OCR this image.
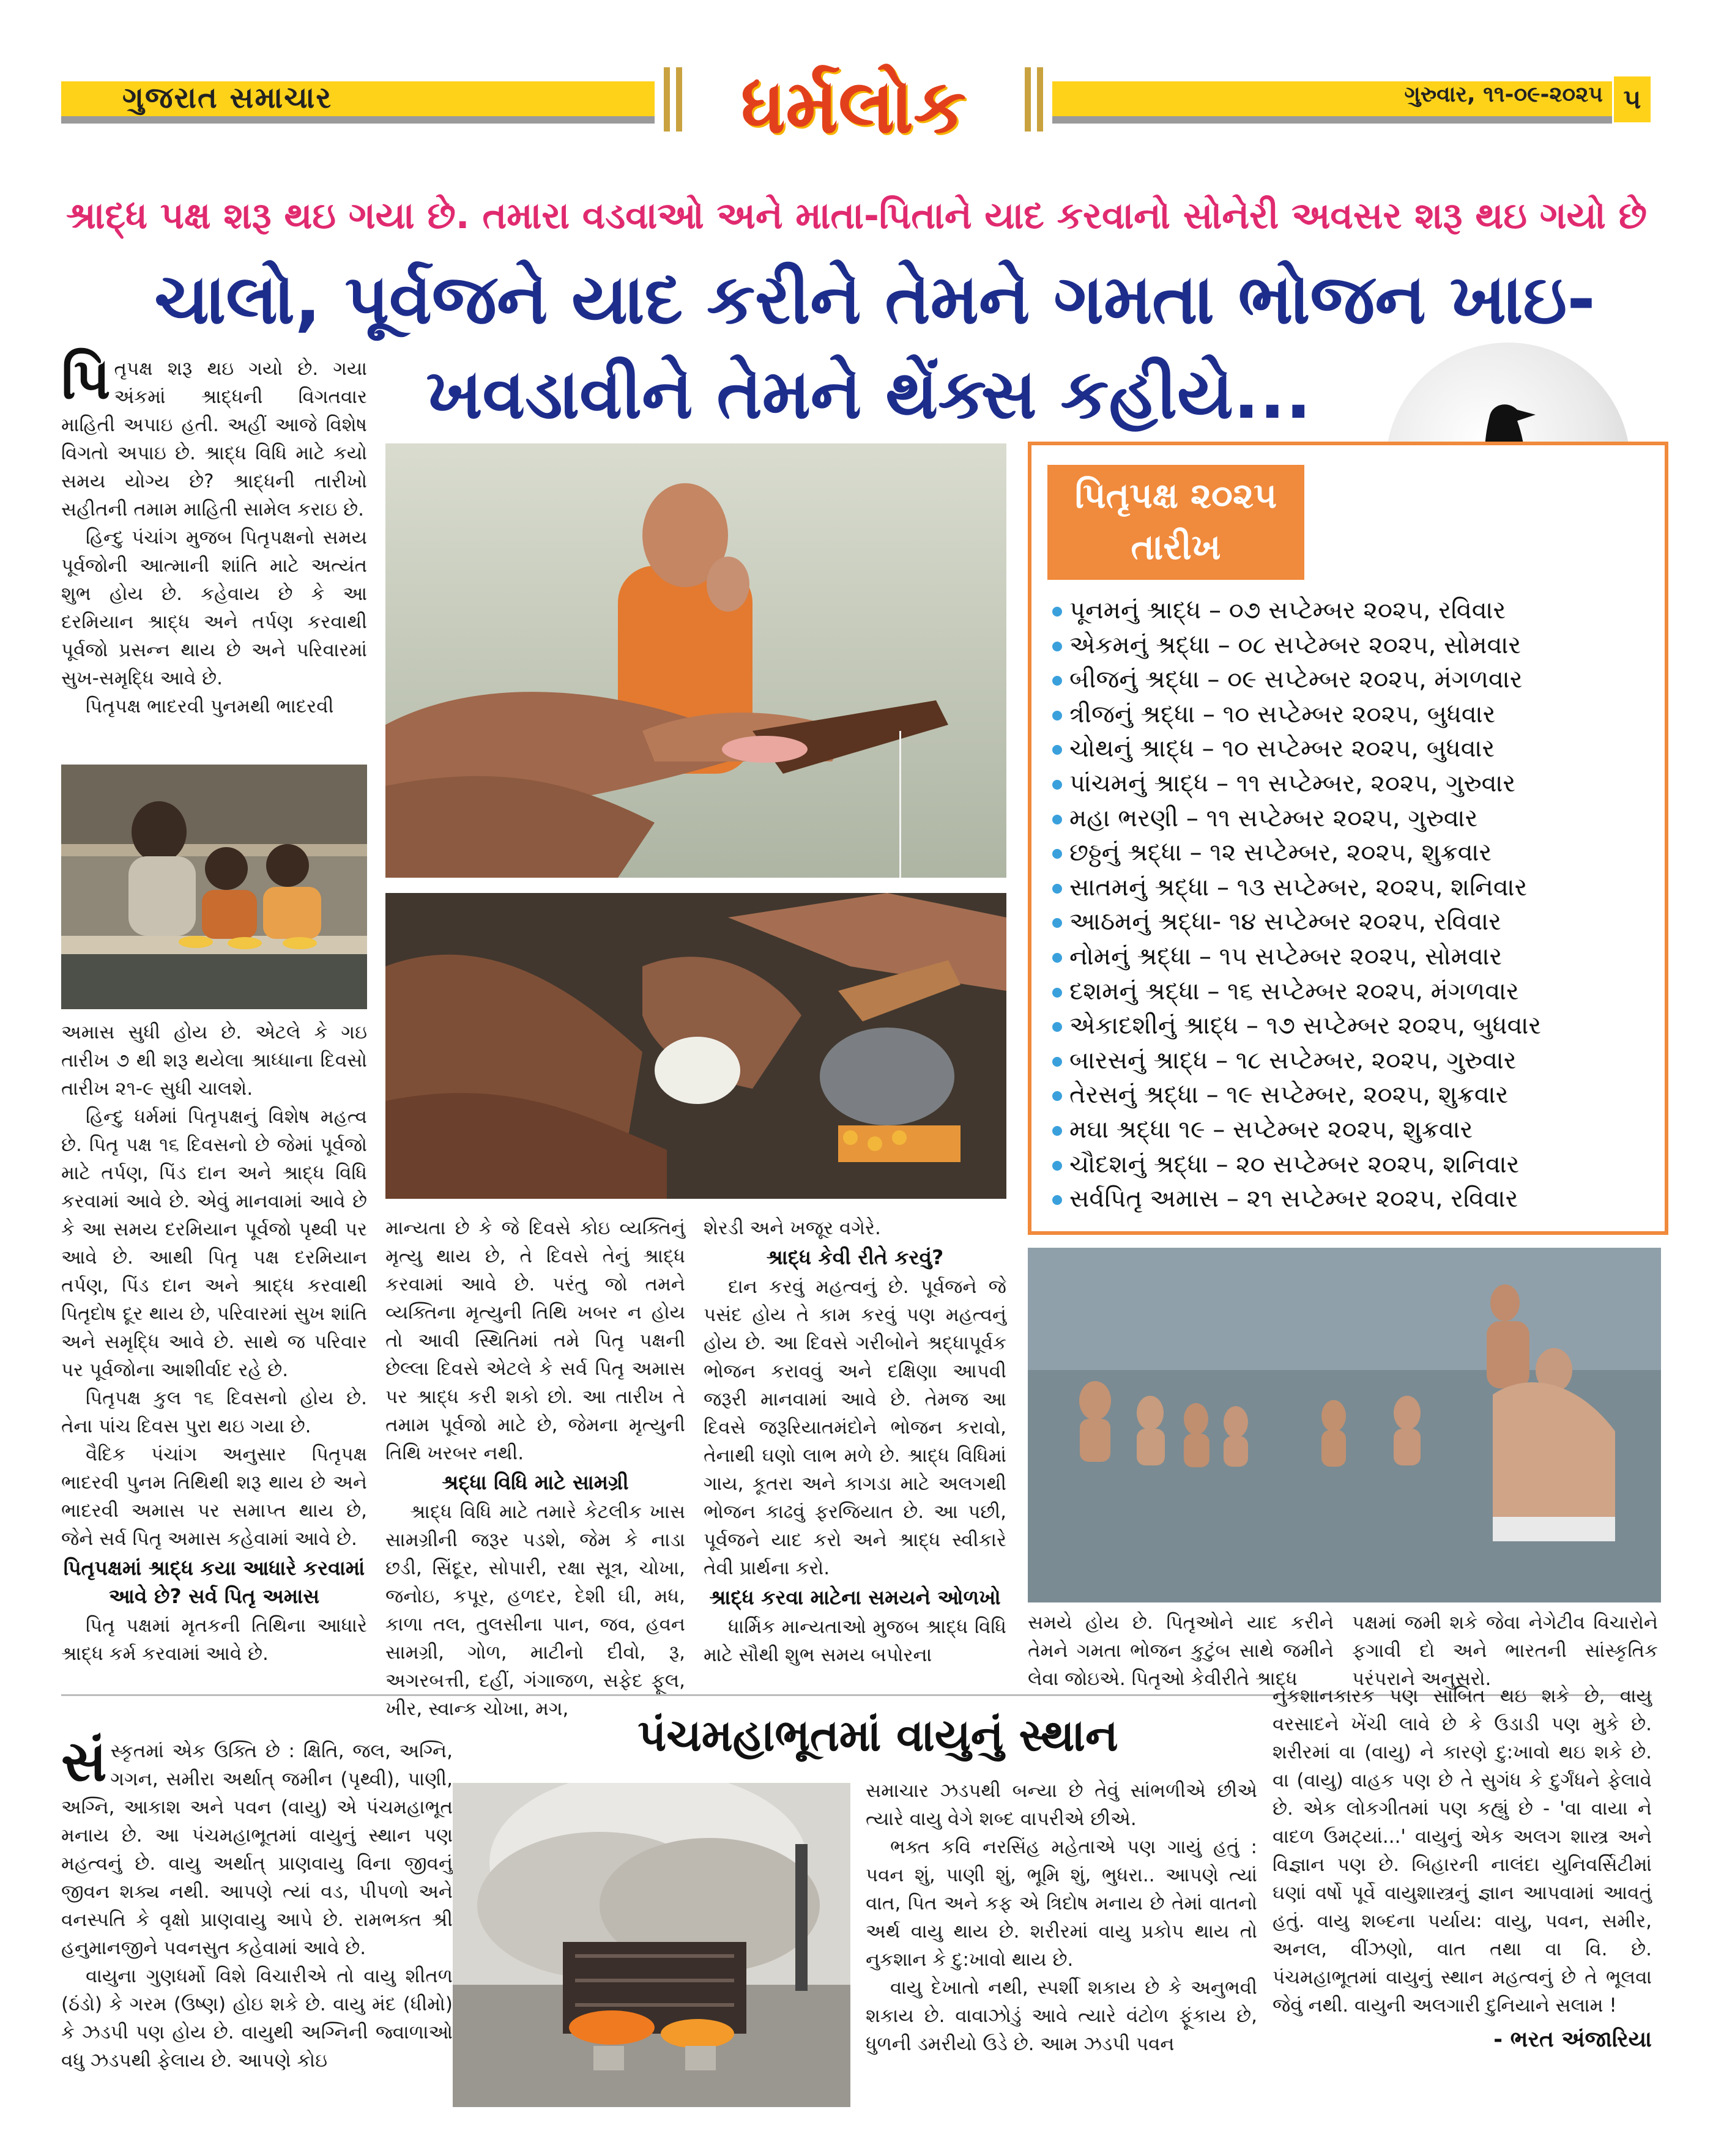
ગુજરાત સમાચાર	ધર્મલોક	ગુરુવાર, ૧૧-૦૯-૨૦૨૫ ૫
શ્રાદ્ધ પક્ષ શરૂ થઇ ગયા છે. તમારા વડવાઓ અને માતા-પિતાને યાદ કરવાનો સોનેરી અવસર શરૂ થઇ ગયો છે
ચાલો, પૂર્વજને યાદ કરીને તેમને ગમતા ભોજન ખાઇ-
ખવડાવીને તેમને થેંક્સ કહીયે...

પિતૃપક્ષ શરૂ થઇ ગયો છે. ગયા અંકમાં શ્રાદ્ધની વિગતવાર માહિતી અપાઇ હતી. અહીં આજે વિશેષ વિગતો અપાઇ છે. શ્રાદ્ધ વિધિ માટે કયો સમય યોગ્ય છે? શ્રાદ્ધની તારીખો સહીતની તમામ માહિતી સામેલ કરાઇ છે.

હિન્દુ પંચાંગ મુજબ પિતૃપક્ષનો સમય પૂર્વજોની આત્માની શાંતિ માટે અત્યંત શુભ હોય છે. કહેવાય છે કે આ દરમિયાન શ્રાદ્ધ અને તર્પણ કરવાથી પૂર્વજો પ્રસન્ન થાય છે અને પરિવારમાં સુખ-સમૃદ્ધિ આવે છે.

પિતૃપક્ષ ભાદરવી પુનમથી ભાદરવી

અમાસ સુધી હોય છે. એટલે કે ગઇ તારીખ ૭ થી શરૂ થયેલા શ્રાધ્ધાના દિવસો તારીખ ૨૧-૯ સુધી ચાલશે.

હિન્દુ ધર્મમાં પિતૃપક્ષનું વિશેષ મહત્વ છે. પિતૃ પક્ષ ૧૬ દિવસનો છે જેમાં પૂર્વજો માટે તર્પણ, પિંડ દાન અને શ્રાદ્ધ વિધિ કરવામાં આવે છે. એવું માનવામાં આવે છે કે આ સમય દરમિયાન પૂર્વજો પૃથ્વી પર આવે છે. આથી પિતૃ પક્ષ દરમિયાન તર્પણ, પિંડ દાન અને શ્રાદ્ધ કરવાથી પિતૃદોષ દૂર થાય છે, પરિવારમાં સુખ શાંતિ અને સમૃદ્ધિ આવે છે. સાથે જ પરિવાર પર પૂર્વજોના આશીર્વાદ રહે છે.

પિતૃપક્ષ કુલ ૧૬ દિવસનો હોય છે. તેના પાંચ દિવસ પુરા થઇ ગયા છે.

વૈદિક પંચાંગ અનુસાર પિતૃપક્ષ ભાદરવી પુનમ તિથિથી શરૂ થાય છે અને ભાદરવી અમાસ પર સમાપ્ત થાય છે, જેને સર્વ પિતૃ અમાસ કહેવામાં આવે છે.

પિતૃપક્ષમાં શ્રાદ્ધ કયા આધારે કરવામાં આવે છે? સર્વ પિતૃ અમાસ

પિતૃ પક્ષમાં મૃતકની તિથિના આધારે શ્રાદ્ધ કર્મ કરવામાં આવે છે.

માન્યતા છે કે જે દિવસે કોઇ વ્યક્તિનું મૃત્યુ થાય છે, તે દિવસે તેનું શ્રાદ્ધ કરવામાં આવે છે. પરંતુ જો તમને વ્યક્તિના મૃત્યુની તિથિ ખબર ન હોય તો આવી સ્થિતિમાં તમે પિતૃ પક્ષની છેલ્લા દિવસે એટલે કે સર્વ પિતૃ અમાસ પર શ્રાદ્ધ કરી શકો છો. આ તારીખ તે તમામ પૂર્વજો માટે છે, જેમના મૃત્યુની તિથિ ખરબર નથી.

શ્રદ્ધા વિધિ માટે સામગ્રી

શ્રાદ્ધ વિધિ માટે તમારે કેટલીક ખાસ સામગ્રીની જરૂર પડશે, જેમ કે નાડા છડી, સિંદૂર, સોપારી, રક્ષા સૂત્ર, ચોખા, જનોઇ, કપૂર, હળદર, દેશી ઘી, મધ, કાળા તલ, તુલસીના પાન, જવ, હવન સામગ્રી, ગોળ, માટીનો દીવો, રૂ, અગરબત્તી, દહીં, ગંગાજળ, સફેદ ફૂલ, ખીર, સ્વાન્ક ચોખા, મગ,

શેરડી અને ખજૂર વગેરે.

શ્રાદ્ધ કેવી રીતે કરવું?

દાન કરવું મહત્વનું છે. પૂર્વજને જે પસંદ હોય તે કામ કરવું પણ મહત્વનું હોય છે. આ દિવસે ગરીબોને શ્રદ્ધાપૂર્વક ભોજન કરાવવું અને દક્ષિણા આપવી જરૂરી માનવામાં આવે છે. તેમજ આ દિવસે જરૂરિયાતમંદોને ભોજન કરાવો, તેનાથી ઘણો લાભ મળે છે. શ્રાદ્ધ વિધિમાં ગાય, કૂતરા અને કાગડા માટે અલગથી ભોજન કાઢવું ફરજિયાત છે. આ પછી, પૂર્વજને યાદ કરો અને શ્રાદ્ધ સ્વીકારે તેવી પ્રાર્થના કરો.

શ્રાદ્ધ કરવા માટેના સમયને ઓળખો

ધાર્મિક માન્યતાઓ મુજબ શ્રાદ્ધ વિધિ માટે સૌથી શુભ સમય બપોરના

પિતૃપક્ષ ૨૦૨૫
તારીખ
પૂનમનું શ્રાદ્ધ – ૦૭ સપ્ટેમ્બર ૨૦૨૫, રવિવાર
એકમનું શ્રદ્ધા – ૦૮ સપ્ટેમ્બર ૨૦૨૫, સોમવાર
બીજનું શ્રદ્ધા – ૦૯ સપ્ટેમ્બર ૨૦૨૫, મંગળવાર
ત્રીજનું શ્રદ્ધા – ૧૦ સપ્ટેમ્બર ૨૦૨૫, બુધવાર
ચોથનું શ્રાદ્ધ – ૧૦ સપ્ટેમ્બર ૨૦૨૫, બુધવાર
પાંચમનું શ્રાદ્ધ – ૧૧ સપ્ટેમ્બર, ૨૦૨૫, ગુરુવાર
મહા ભરણી – ૧૧ સપ્ટેમ્બર ૨૦૨૫, ગુરુવાર
છઠ્ઠનું શ્રદ્ધા – ૧૨ સપ્ટેમ્બર, ૨૦૨૫, શુક્રવાર
સાતમનું શ્રદ્ધા – ૧૩ સપ્ટેમ્બર, ૨૦૨૫, શનિવાર
આઠમનું શ્રદ્ધા- ૧૪ સપ્ટેમ્બર ૨૦૨૫, રવિવાર
નોમનું શ્રદ્ધા – ૧૫ સપ્ટેમ્બર ૨૦૨૫, સોમવાર
દશમનું શ્રદ્ધા – ૧૬ સપ્ટેમ્બર ૨૦૨૫, મંગળવાર
એકાદશીનું શ્રાદ્ધ – ૧૭ સપ્ટેમ્બર ૨૦૨૫, બુધવાર
બારસનું શ્રાદ્ધ – ૧૮ સપ્ટેમ્બર, ૨૦૨૫, ગુરુવાર
તેરસનું શ્રદ્ધા – ૧૯ સપ્ટેમ્બર, ૨૦૨૫, શુક્રવાર
મઘા શ્રદ્ધા ૧૯ – સપ્ટેમ્બર ૨૦૨૫, શુક્રવાર
ચૌદશનું શ્રદ્ધા – ૨૦ સપ્ટેમ્બર ૨૦૨૫, શનિવાર
સર્વપિતૃ અમાસ – ૨૧ સપ્ટેમ્બર ૨૦૨૫, રવિવાર

સમયે હોય છે. પિતૃઓને યાદ કરીને તેમને ગમતા ભોજન કુટુંબ સાથે જમીને લેવા જોઇએ. પિતૃઓ કેવીરીતે શ્રાદ્ધ

પક્ષમાં જમી શકે જેવા નેગેટીવ વિચારોને ફગાવી દો અને ભારતની સાંસ્કૃતિક પરંપરાને અનુસરો.

પંચમહાભૂતમાં વાયુનું સ્થાન

સંસ્કૃતમાં એક ઉક્તિ છે : ક્ષિતિ, જલ, અગ્નિ, ગગન, સમીરા અર્થાત્ જમીન (પૃથ્વી), પાણી, અગ્નિ, આકાશ અને પવન (વાયુ) એ પંચમહાભૂત મનાય છે. આ પંચમહાભૂતમાં વાયુનું સ્થાન પણ મહત્વનું છે. વાયુ અર્થાત્ પ્રાણવાયુ વિના જીવનું જીવન શક્ય નથી. આપણે ત્યાં વડ, પીપળો અને વનસ્પતિ કે વૃક્ષો પ્રાણવાયુ આપે છે. રામભક્ત શ્રી હનુમાનજીને પવનસુત કહેવામાં આવે છે.

વાયુના ગુણધર્મો વિશે વિચારીએ તો વાયુ શીતળ (ઠંડો) કે ગરમ (ઉષ્ણ) હોઇ શકે છે. વાયુ મંદ (ધીમો) કે ઝડપી પણ હોય છે. વાયુથી અગ્નિની જ્વાળાઓ વધુ ઝડપથી ફેલાય છે. આપણે કોઇ

સમાચાર ઝડપથી બન્યા છે તેવું સાંભળીએ છીએ ત્યારે વાયુ વેગે શબ્દ વાપરીએ છીએ.

ભક્ત કવિ નરસિંહ મહેતાએ પણ ગાયું હતું : પવન શું, પાણી શું, ભૂમિ શું, ભુધરા.. આપણે ત્યાં વાત, પિત અને કફ એ ત્રિદોષ મનાય છે તેમાં વાતનો અર્થ વાયુ થાય છે. શરીરમાં વાયુ પ્રકોપ થાય તો નુકશાન કે દુ:ખાવો થાય છે.

વાયુ દેખાતો નથી, સ્પર્શી શકાય છે કે અનુભવી શકાય છે. વાવાઝોડું આવે ત્યારે વંટોળ ફૂંકાય છે, ધુળની ડમરીયો ઉડે છે. આમ ઝડપી પવન

નુકશાનકારક પણ સાબિત થઇ શકે છે, વાયુ વરસાદને ખેંચી લાવે છે કે ઉડાડી પણ મુકે છે. શરીરમાં વા (વાયુ) ને કારણે દુ:ખાવો થઇ શકે છે. વા (વાયુ) વાહક પણ છે તે સુગંધ કે દુર્ગંધને ફેલાવે છે. એક લોકગીતમાં પણ કહ્યું છે - 'વા વાયા ને વાદળ ઉમટ્યાં...' વાયુનું એક અલગ શાસ્ત્ર અને વિજ્ઞાન પણ છે. બિહારની નાલંદા યુનિવર્સિટીમાં ઘણાં વર્ષો પૂર્વે વાયુશાસ્ત્રનું જ્ઞાન આપવામાં આવતું હતું. વાયુ શબ્દના પર્યાય: વાયુ, પવન, સમીર, અનલ, વીંઝણો, વાત તથા વા વિ. છે. પંચમહાભૂતમાં વાયુનું સ્થાન મહત્વનું છે તે ભૂલવા જેવું નથી. વાયુની અલગારી દુનિયાને સલામ !

- ભરત અંજારિયા
